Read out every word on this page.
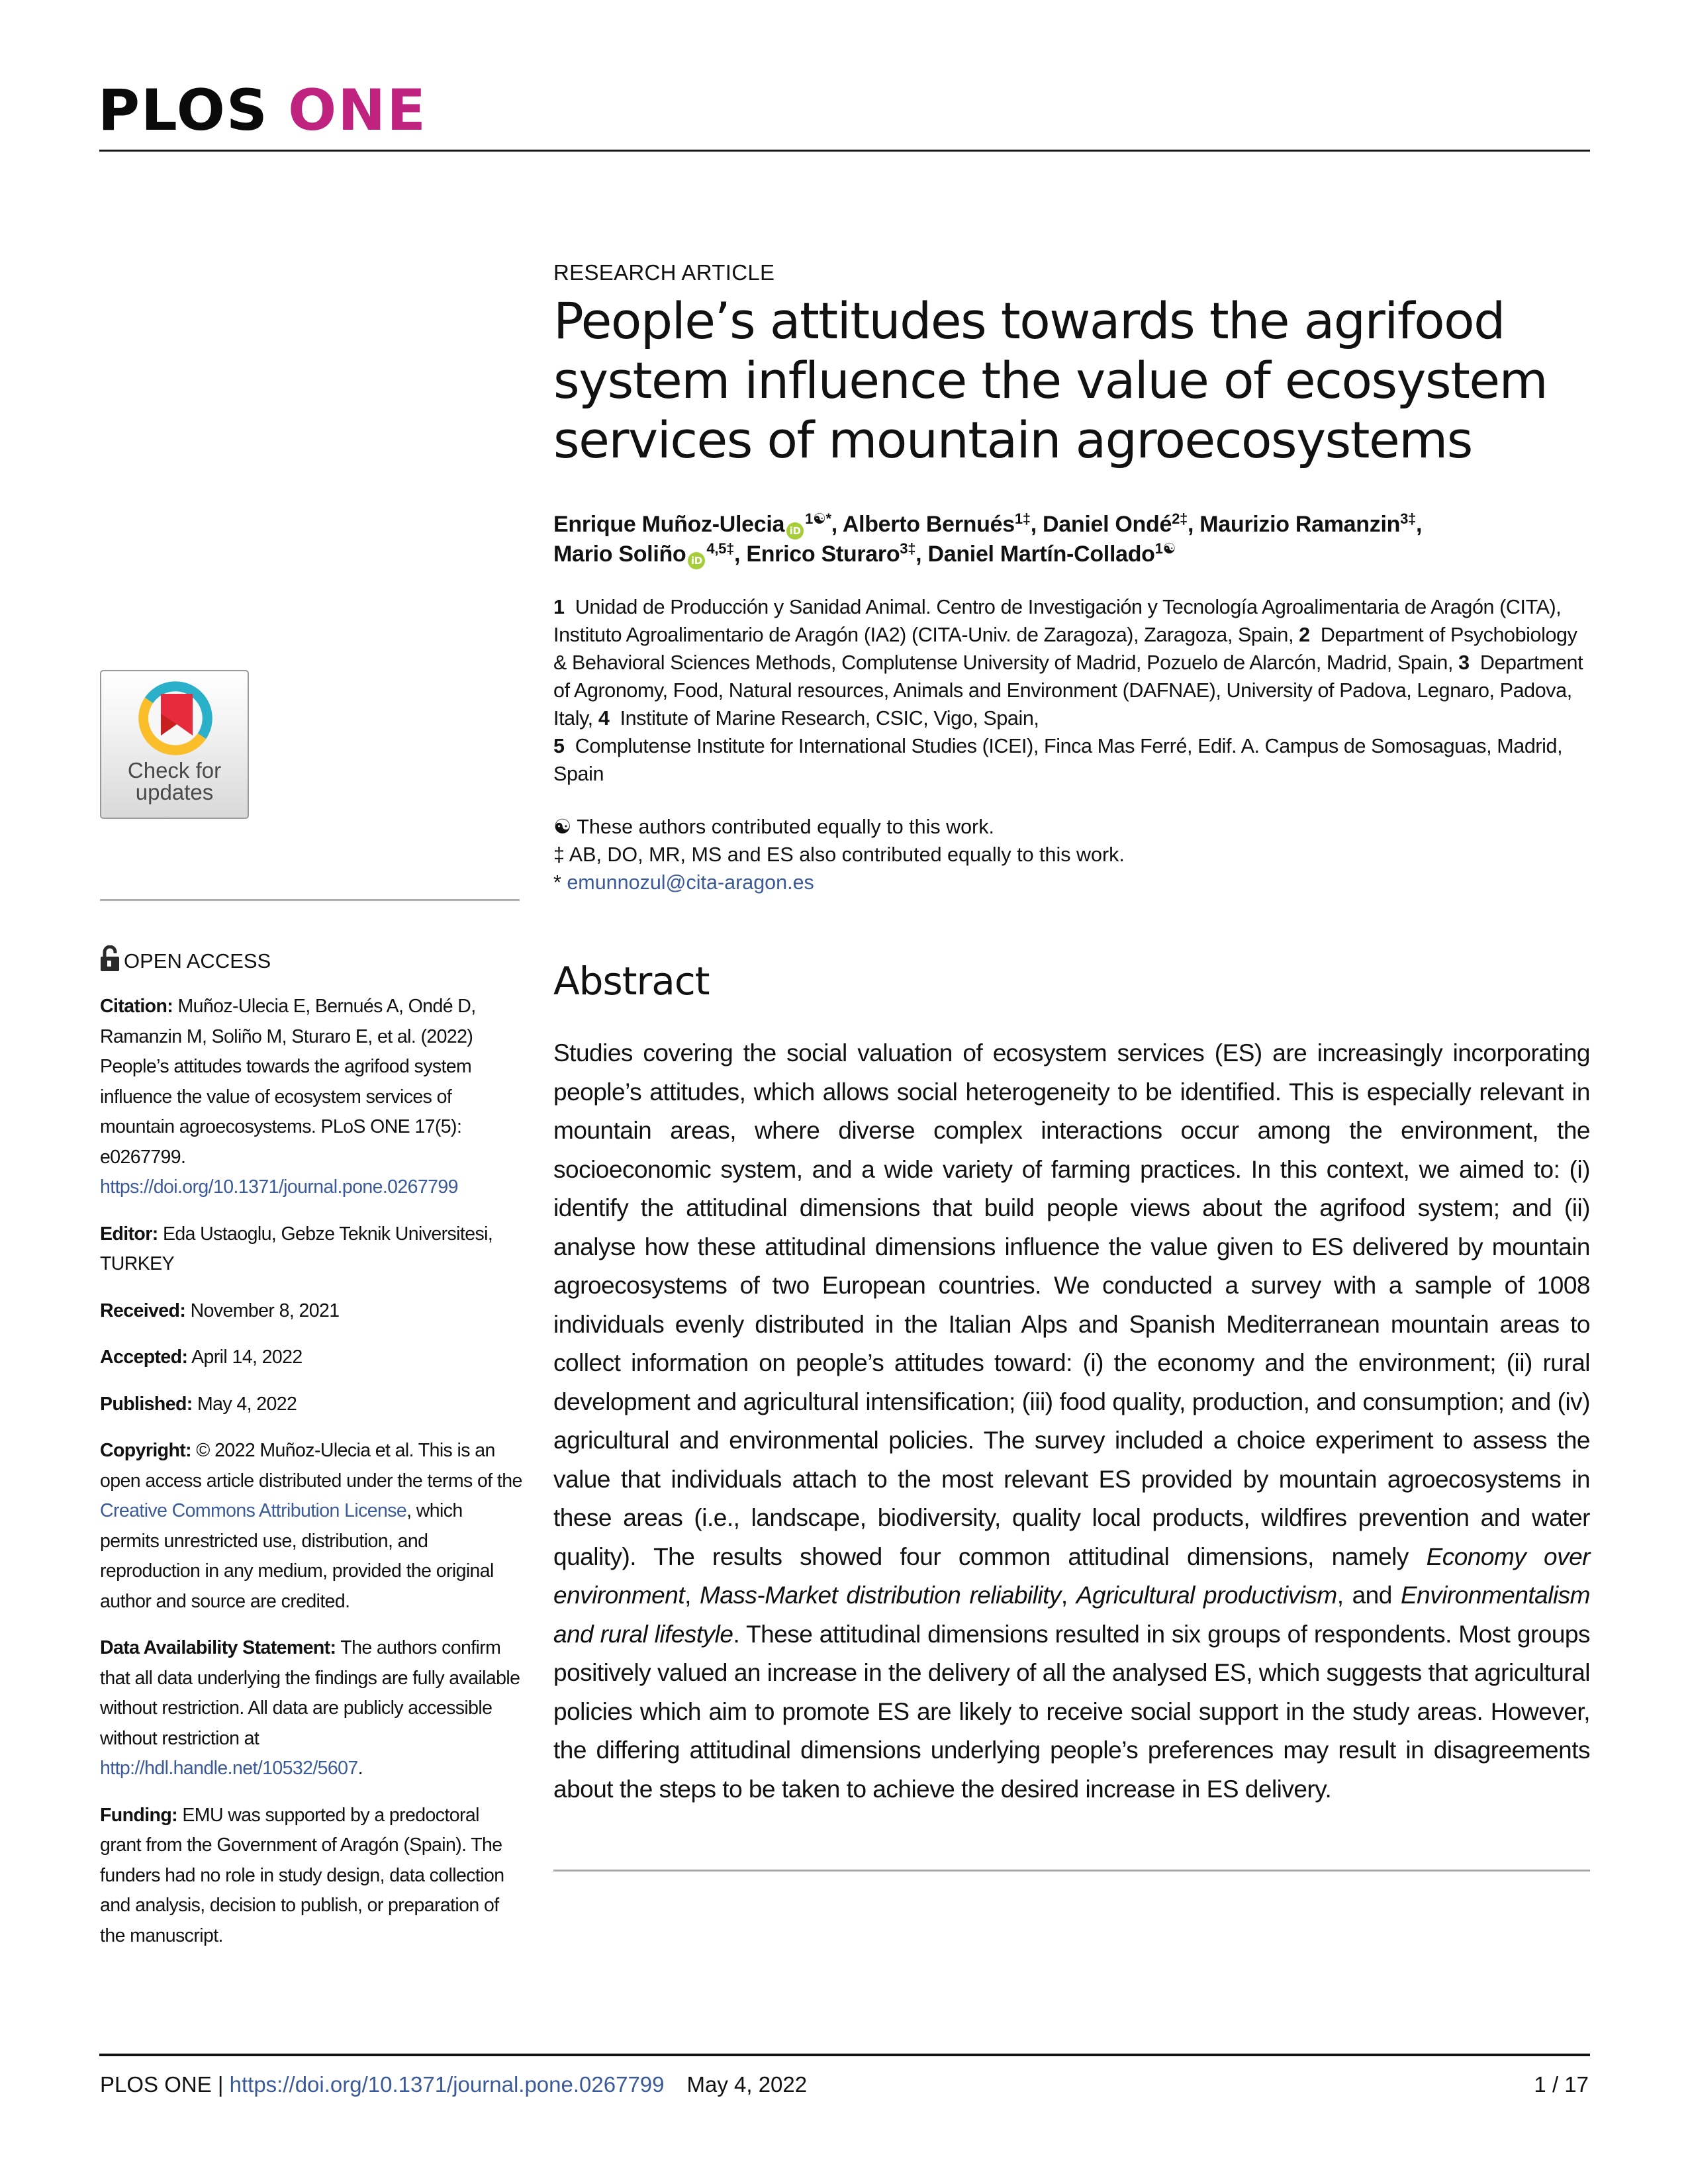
PLOS ONE
Check for
updates
OPEN ACCESS

Citation: Muñoz-Ulecia E, Bernués A, Ondé D, Ramanzin M, Soliño M, Sturaro E, et al. (2022) People’s attitudes towards the agrifood system influence the value of ecosystem services of mountain agroecosystems. PLoS ONE 17(5): e0267799. https://doi.org/10.1371/journal.pone.0267799

Editor: Eda Ustaoglu, Gebze Teknik Universitesi, TURKEY

Received: November 8, 2021

Accepted: April 14, 2022

Published: May 4, 2022

Copyright: © 2022 Muñoz-Ulecia et al. This is an open access article distributed under the terms of the Creative Commons Attribution License, which permits unrestricted use, distribution, and reproduction in any medium, provided the original author and source are credited.

Data Availability Statement: The authors confirm that all data underlying the findings are fully available without restriction. All data are publicly accessible without restriction at http://hdl.handle.net/10532/5607.

Funding: EMU was supported by a predoctoral grant from the Government of Aragón (Spain). The funders had no role in study design, data collection and analysis, decision to publish, or preparation of the manuscript.

RESEARCH ARTICLE
People’s attitudes towards the agrifood system influence the value of ecosystem services of mountain agroecosystems
Enrique Muñoz-Ulecia $iD^{1☯*}$, Alberto Bernués$^{1\ddagger}$, Daniel Ondé$^{2\ddagger}$, Maurizio Ramanzin$^{3\ddagger}$,
Mario Soliño $iD^{4,5\ddagger}$, Enrico Sturaro$^{3\ddagger}$, Daniel Martín-Collado$^{1☯}$
1 Unidad de Producción y Sanidad Animal. Centro de Investigación y Tecnología Agroalimentaria de Aragón (CITA), Instituto Agroalimentario de Aragón (IA2) (CITA-Univ. de Zaragoza), Zaragoza, Spain, 2 Department of Psychobiology & Behavioral Sciences Methods, Complutense University of Madrid, Pozuelo de Alarcón, Madrid, Spain, 3 Department of Agronomy, Food, Natural resources, Animals and Environment (DAFNAE), University of Padova, Legnaro, Padova, Italy, 4 Institute of Marine Research, CSIC, Vigo, Spain,
5 Complutense Institute for International Studies (ICEI), Finca Mas Ferré, Edif. A. Campus de Somosaguas, Madrid, Spain
☯ These authors contributed equally to this work.
‡ AB, DO, MR, MS and ES also contributed equally to this work.
* emunnozul@cita-aragon.es
Abstract

Studies covering the social valuation of ecosystem services (ES) are increasingly incorporating people’s attitudes, which allows social heterogeneity to be identified. This is especially relevant in mountain areas, where diverse complex interactions occur among the environment, the socioeconomic system, and a wide variety of farming practices. In this context, we aimed to: (i) identify the attitudinal dimensions that build people views about the agrifood system; and (ii) analyse how these attitudinal dimensions influence the value given to ES delivered by mountain agroecosystems of two European countries. We conducted a survey with a sample of 1008 individuals evenly distributed in the Italian Alps and Spanish Mediterranean mountain areas to collect information on people’s attitudes toward: (i) the economy and the environment; (ii) rural development and agricultural intensification; (iii) food quality, production, and consumption; and (iv) agricultural and environmental policies. The survey included a choice experiment to assess the value that individuals attach to the most relevant ES provided by mountain agroecosystems in these areas (i.e., landscape, biodiversity, quality local products, wildfires prevention and water quality). The results showed four common attitudinal dimensions, namely Economy over environment, Mass-Market distribution reliability, Agricultural productivism, and Environmentalism and rural lifestyle. These attitudinal dimensions resulted in six groups of respondents. Most groups positively valued an increase in the delivery of all the analysed ES, which suggests that agricultural policies which aim to promote ES are likely to receive social support in the study areas. However, the differing attitudinal dimensions underlying people’s preferences may result in disagreements about the steps to be taken to achieve the desired increase in ES delivery.

PLOS ONE | https://doi.org/10.1371/journal.pone.0267799 May 4, 2022	1 / 17
